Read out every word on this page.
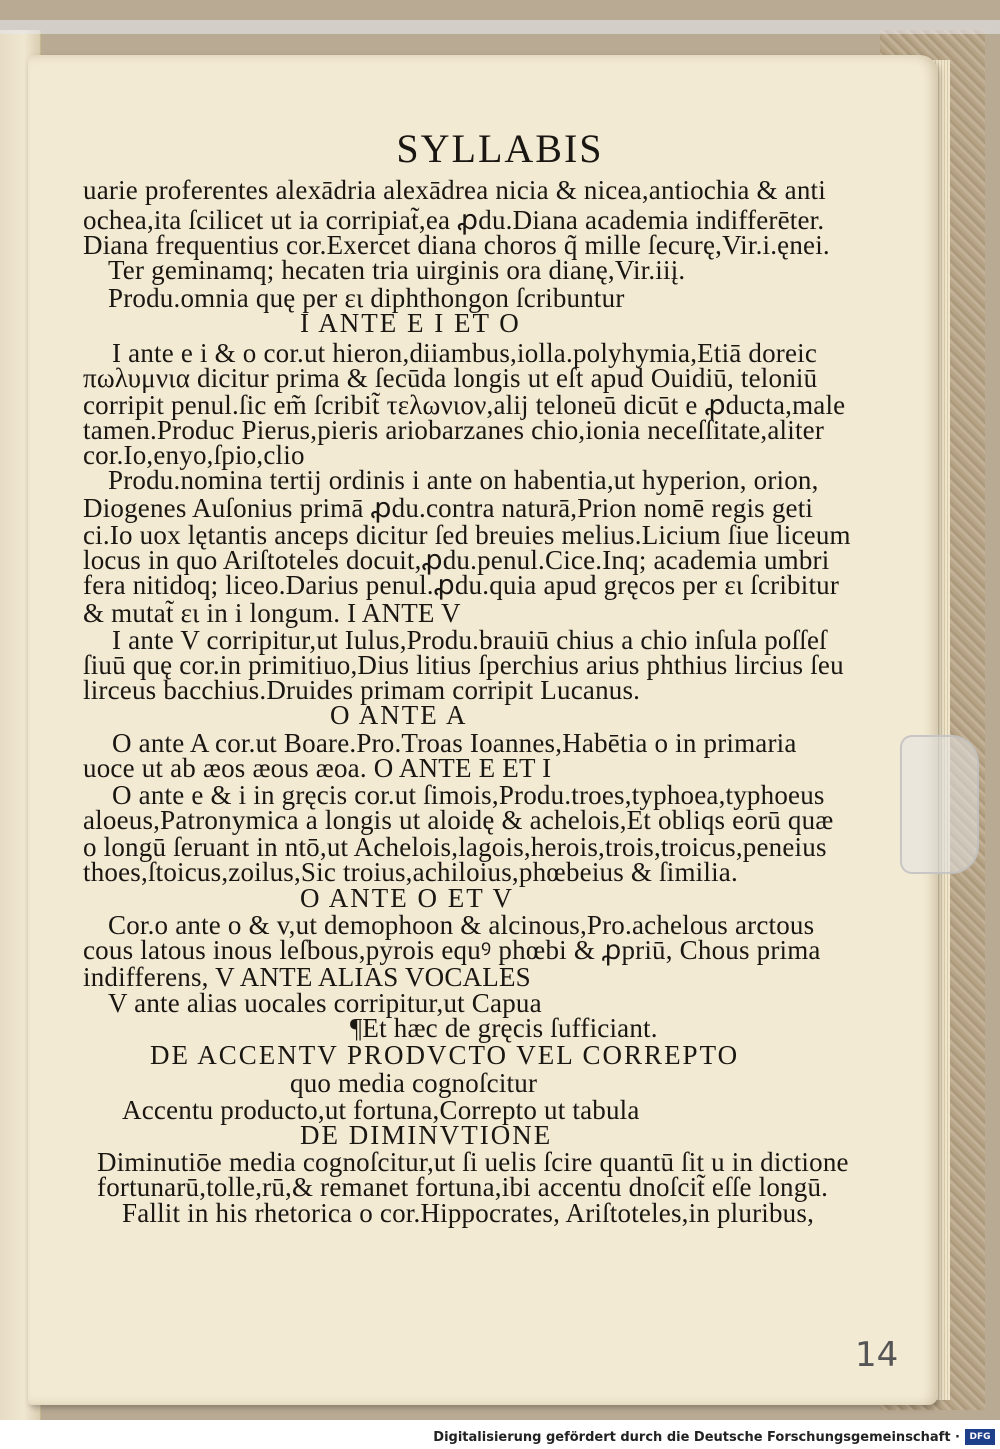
SYLLABIS
uarie proferentes alexādria alexādrea nicia & nicea,antiochia & anti
ochea,ita ſcilicet ut ia corripiat̃,ea ꝓdu.Diana academia indifferēter.
Diana frequentius cor.Exercet diana choros q̃ mille ſecurę,Vir.i.ęnei.
Ter geminamq; hecaten tria uirginis ora dianę,Vir.iiį.
Produ.omnia quę per ει diphthongon ſcribuntur
I ANTE E I ET O
I ante e i & o cor.ut hieron,diiambus,iolla.polyhymia,Etiā doreic
πωλυμνια dicitur prima & ſecūda longis ut eſt apud Ouidiū, teloniū
corripit penul.ſic em̃ ſcribit̃ τελωνιον,alij teloneū dicūt e ꝓducta,male
tamen.Produc Pierus,pieris ariobarzanes chio,ionia neceſſitate,aliter
cor.Io,enyo,ſpio,clio
Produ.nomina tertij ordinis i ante on habentia,ut hyperion, orion,
Diogenes Auſonius primā ꝓdu.contra naturā,Prion nomē regis geti
ci.Io uox lętantis anceps dicitur ſed breuies melius.Licium ſiue liceum
locus in quo Ariſtoteles docuit,ꝓdu.penul.Cice.Inq; academia umbri
fera nitidoq; liceo.Darius penul.ꝓdu.quia apud gręcos per ει ſcribitur
& mutat̃ ει in i longum. I ANTE V
I ante V corripitur,ut Iulus,Produ.brauiū chius a chio inſula poſſeſ
ſiuū quę cor.in primitiuo,Dius litius ſperchius arius phthius lircius ſeu
lirceus bacchius.Druides primam corripit Lucanus.
O ANTE A
O ante A cor.ut Boare.Pro.Troas Ioannes,Habētia o in primaria
uoce ut ab æos æous æoa. O ANTE E ET I
O ante e & i in gręcis cor.ut ſimois,Produ.troes,typhoea,typhoeus
aloeus,Patronymica a longis ut aloidę & achelois,Et obliqs eorū quæ
o longū ſeruant in ntō,ut Achelois,lagois,herois,trois,troicus,peneius
thoes,ſtoicus,zoilus,Sic troius,achiloius,phœbeius & ſimilia.
O ANTE O ET V
Cor.o ante o & v,ut demophoon & alcinous,Pro.achelous arctous
cous latous inous leſbous,pyrois equꝰ phœbi & ꝓpriū, Chous prima
indifferens, V ANTE ALIAS VOCALES
V ante alias uocales corripitur,ut Capua
¶Et hæc de gręcis ſufficiant.
DE ACCENTV PRODVCTO VEL CORREPTO
quo media cognoſcitur
Accentu producto,ut fortuna,Correpto ut tabula
DE DIMINVTIONE
Diminutiōe media cognoſcitur,ut ſi uelis ſcire quantū ſit u in dictione
fortunarū,tolle,rū,& remanet fortuna,ibi accentu dnoſcit̃ eſſe longū.
Fallit in his rhetorica o cor.Hippocrates, Ariſtoteles,in pluribus,
14
Digitalisierung gefördert durch die Deutsche Forschungsgemeinschaft ·	DFG
